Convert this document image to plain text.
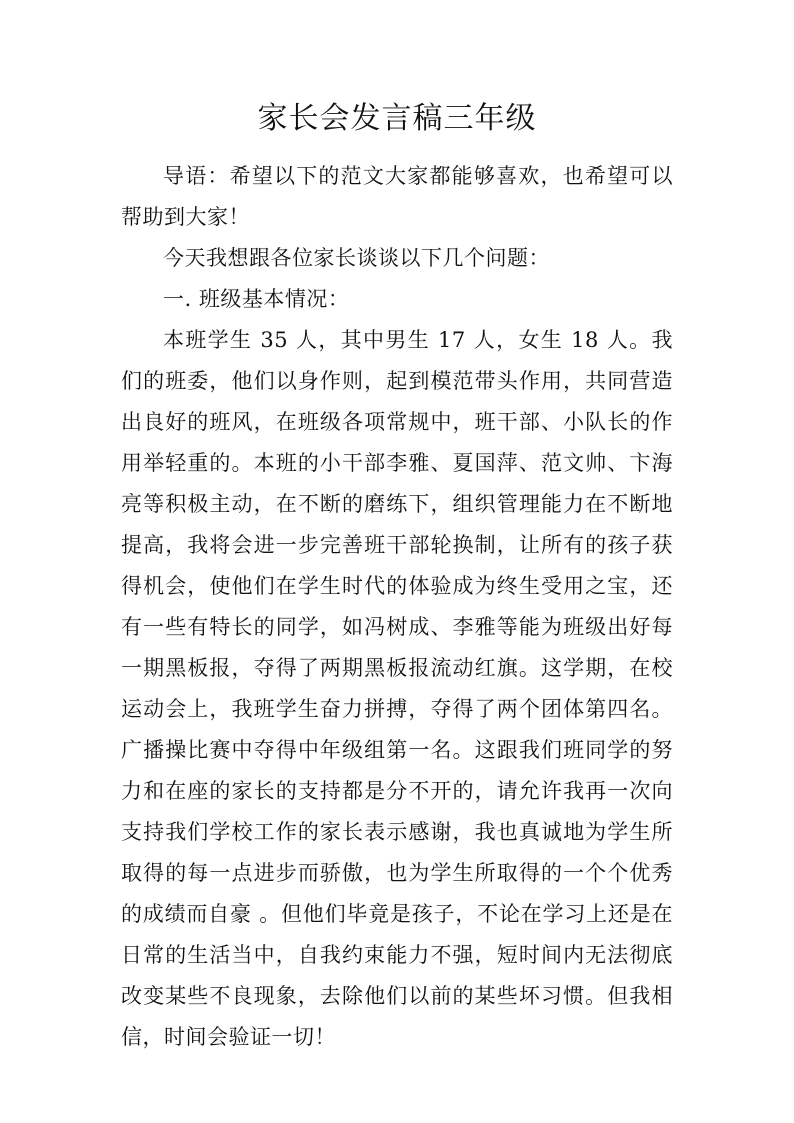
家长会发言稿三年级

导语：希望以下的范文大家都能够喜欢，也希望可以帮助到大家！

今天我想跟各位家长谈谈以下几个问题：

一. 班级基本情况：

本班学生 35 人，其中男生 17 人，女生 18 人。我们的班委，他们以身作则，起到模范带头作用，共同营造出良好的班风，在班级各项常规中，班干部、小队长的作用举轻重的。本班的小干部李雅、夏国萍、范文帅、卞海亮等积极主动，在不断的磨练下，组织管理能力在不断地提高，我将会进一步完善班干部轮换制，让所有的孩子获得机会，使他们在学生时代的体验成为终生受用之宝，还有一些有特长的同学，如冯树成、李雅等能为班级出好每一期黑板报，夺得了两期黑板报流动红旗。这学期，在校运动会上，我班学生奋力拼搏，夺得了两个团体第四名。广播操比赛中夺得中年级组第一名。这跟我们班同学的努力和在座的家长的支持都是分不开的，请允许我再一次向支持我们学校工作的家长表示感谢，我也真诚地为学生所取得的每一点进步而骄傲，也为学生所取得的一个个优秀的成绩而自豪 。但他们毕竟是孩子，不论在学习上还是在日常的生活当中，自我约束能力不强，短时间内无法彻底改变某些不良现象，去除他们以前的某些坏习惯。但我相信，时间会验证一切！
